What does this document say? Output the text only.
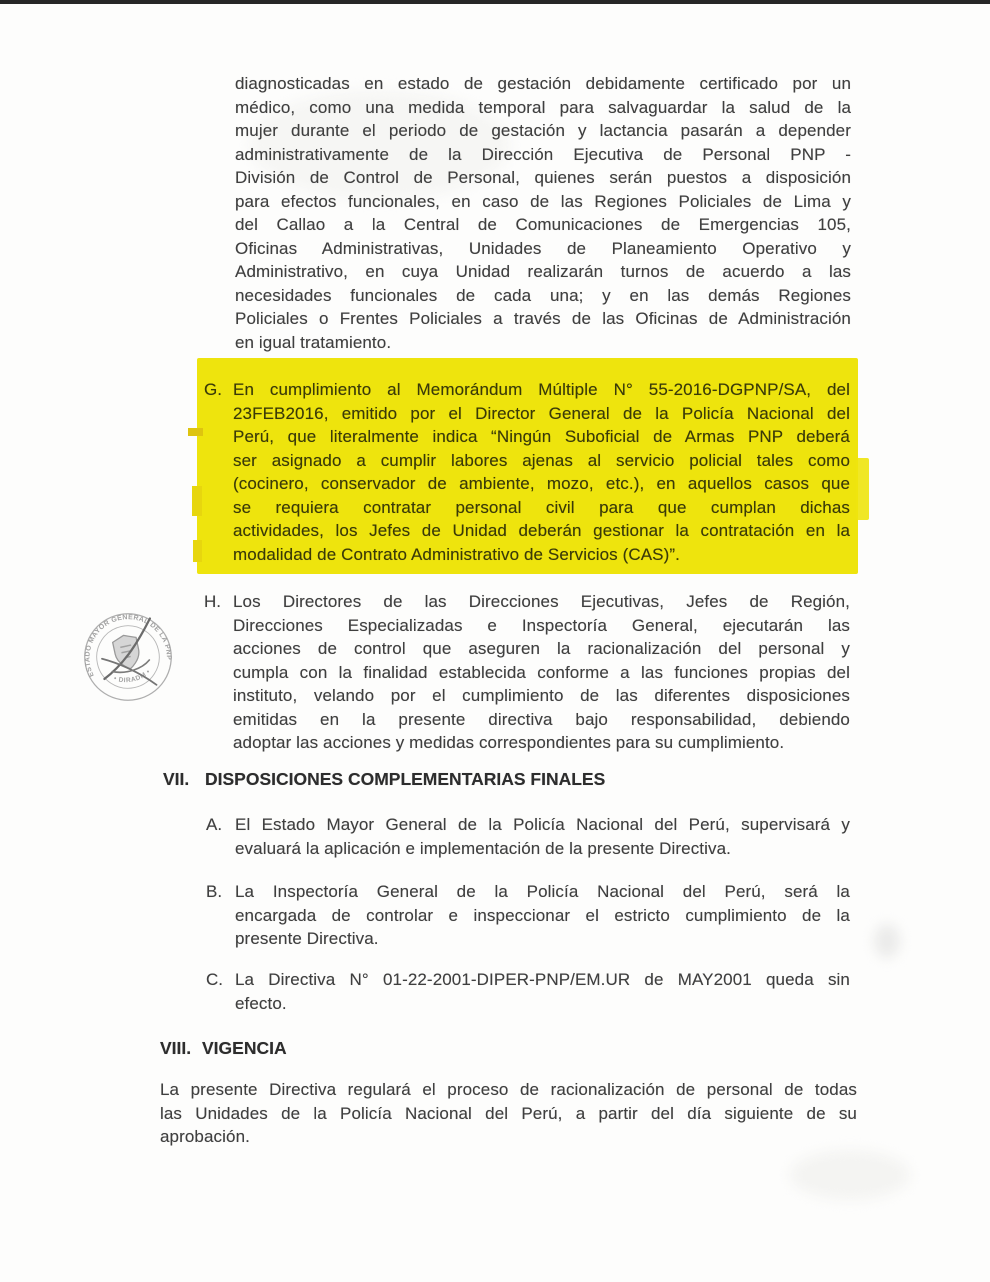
diagnosticadas en estado de gestación debidamente certificado por un
médico, como una medida temporal para salvaguardar la salud de la
mujer durante el periodo de gestación y lactancia pasarán a depender
administrativamente de la Dirección Ejecutiva de Personal PNP -
División de Control de Personal, quienes serán puestos a disposición
para efectos funcionales, en caso de las Regiones Policiales de Lima y
del Callao a la Central de Comunicaciones de Emergencias 105,
Oficinas Administrativas, Unidades de Planeamiento Operativo y
Administrativo, en cuya Unidad realizarán turnos de acuerdo a las
necesidades funcionales de cada una; y en las demás Regiones
Policiales o Frentes Policiales a través de las Oficinas de Administración
en igual tratamiento.
G. En cumplimiento al Memorándum Múltiple N° 55-2016-DGPNP/SA, del
23FEB2016, emitido por el Director General de la Policía Nacional del
Perú, que literalmente indica “Ningún Suboficial de Armas PNP deberá
ser asignado a cumplir labores ajenas al servicio policial tales como
(cocinero, conservador de ambiente, mozo, etc.), en aquellos casos que
se requiera contratar personal civil para que cumplan dichas
actividades, los Jefes de Unidad deberán gestionar la contratación en la
modalidad de Contrato Administrativo de Servicios (CAS)”.
H. Los Directores de las Direcciones Ejecutivas, Jefes de Región,
Direcciones Especializadas e Inspectoría General, ejecutarán las
acciones de control que aseguren la racionalización del personal y
cumpla con la finalidad establecida conforme a las funciones propias del
instituto, velando por el cumplimiento de las diferentes disposiciones
emitidas en la presente directiva bajo responsabilidad, debiendo
adoptar las acciones y medidas correspondientes para su cumplimiento.
ESTADO MAYOR GENERAL DE LA PNP
• DIRADM •
VII. DISPOSICIONES COMPLEMENTARIAS FINALES
A. El Estado Mayor General de la Policía Nacional del Perú, supervisará y
evaluará la aplicación e implementación de la presente Directiva.
B. La Inspectoría General de la Policía Nacional del Perú, será la
encargada de controlar e inspeccionar el estricto cumplimiento de la
presente Directiva.
C. La Directiva N° 01-22-2001-DIPER-PNP/EM.UR de MAY2001 queda sin
efecto.
VIII. VIGENCIA
La presente Directiva regulará el proceso de racionalización de personal de todas
las Unidades de la Policía Nacional del Perú, a partir del día siguiente de su
aprobación.
